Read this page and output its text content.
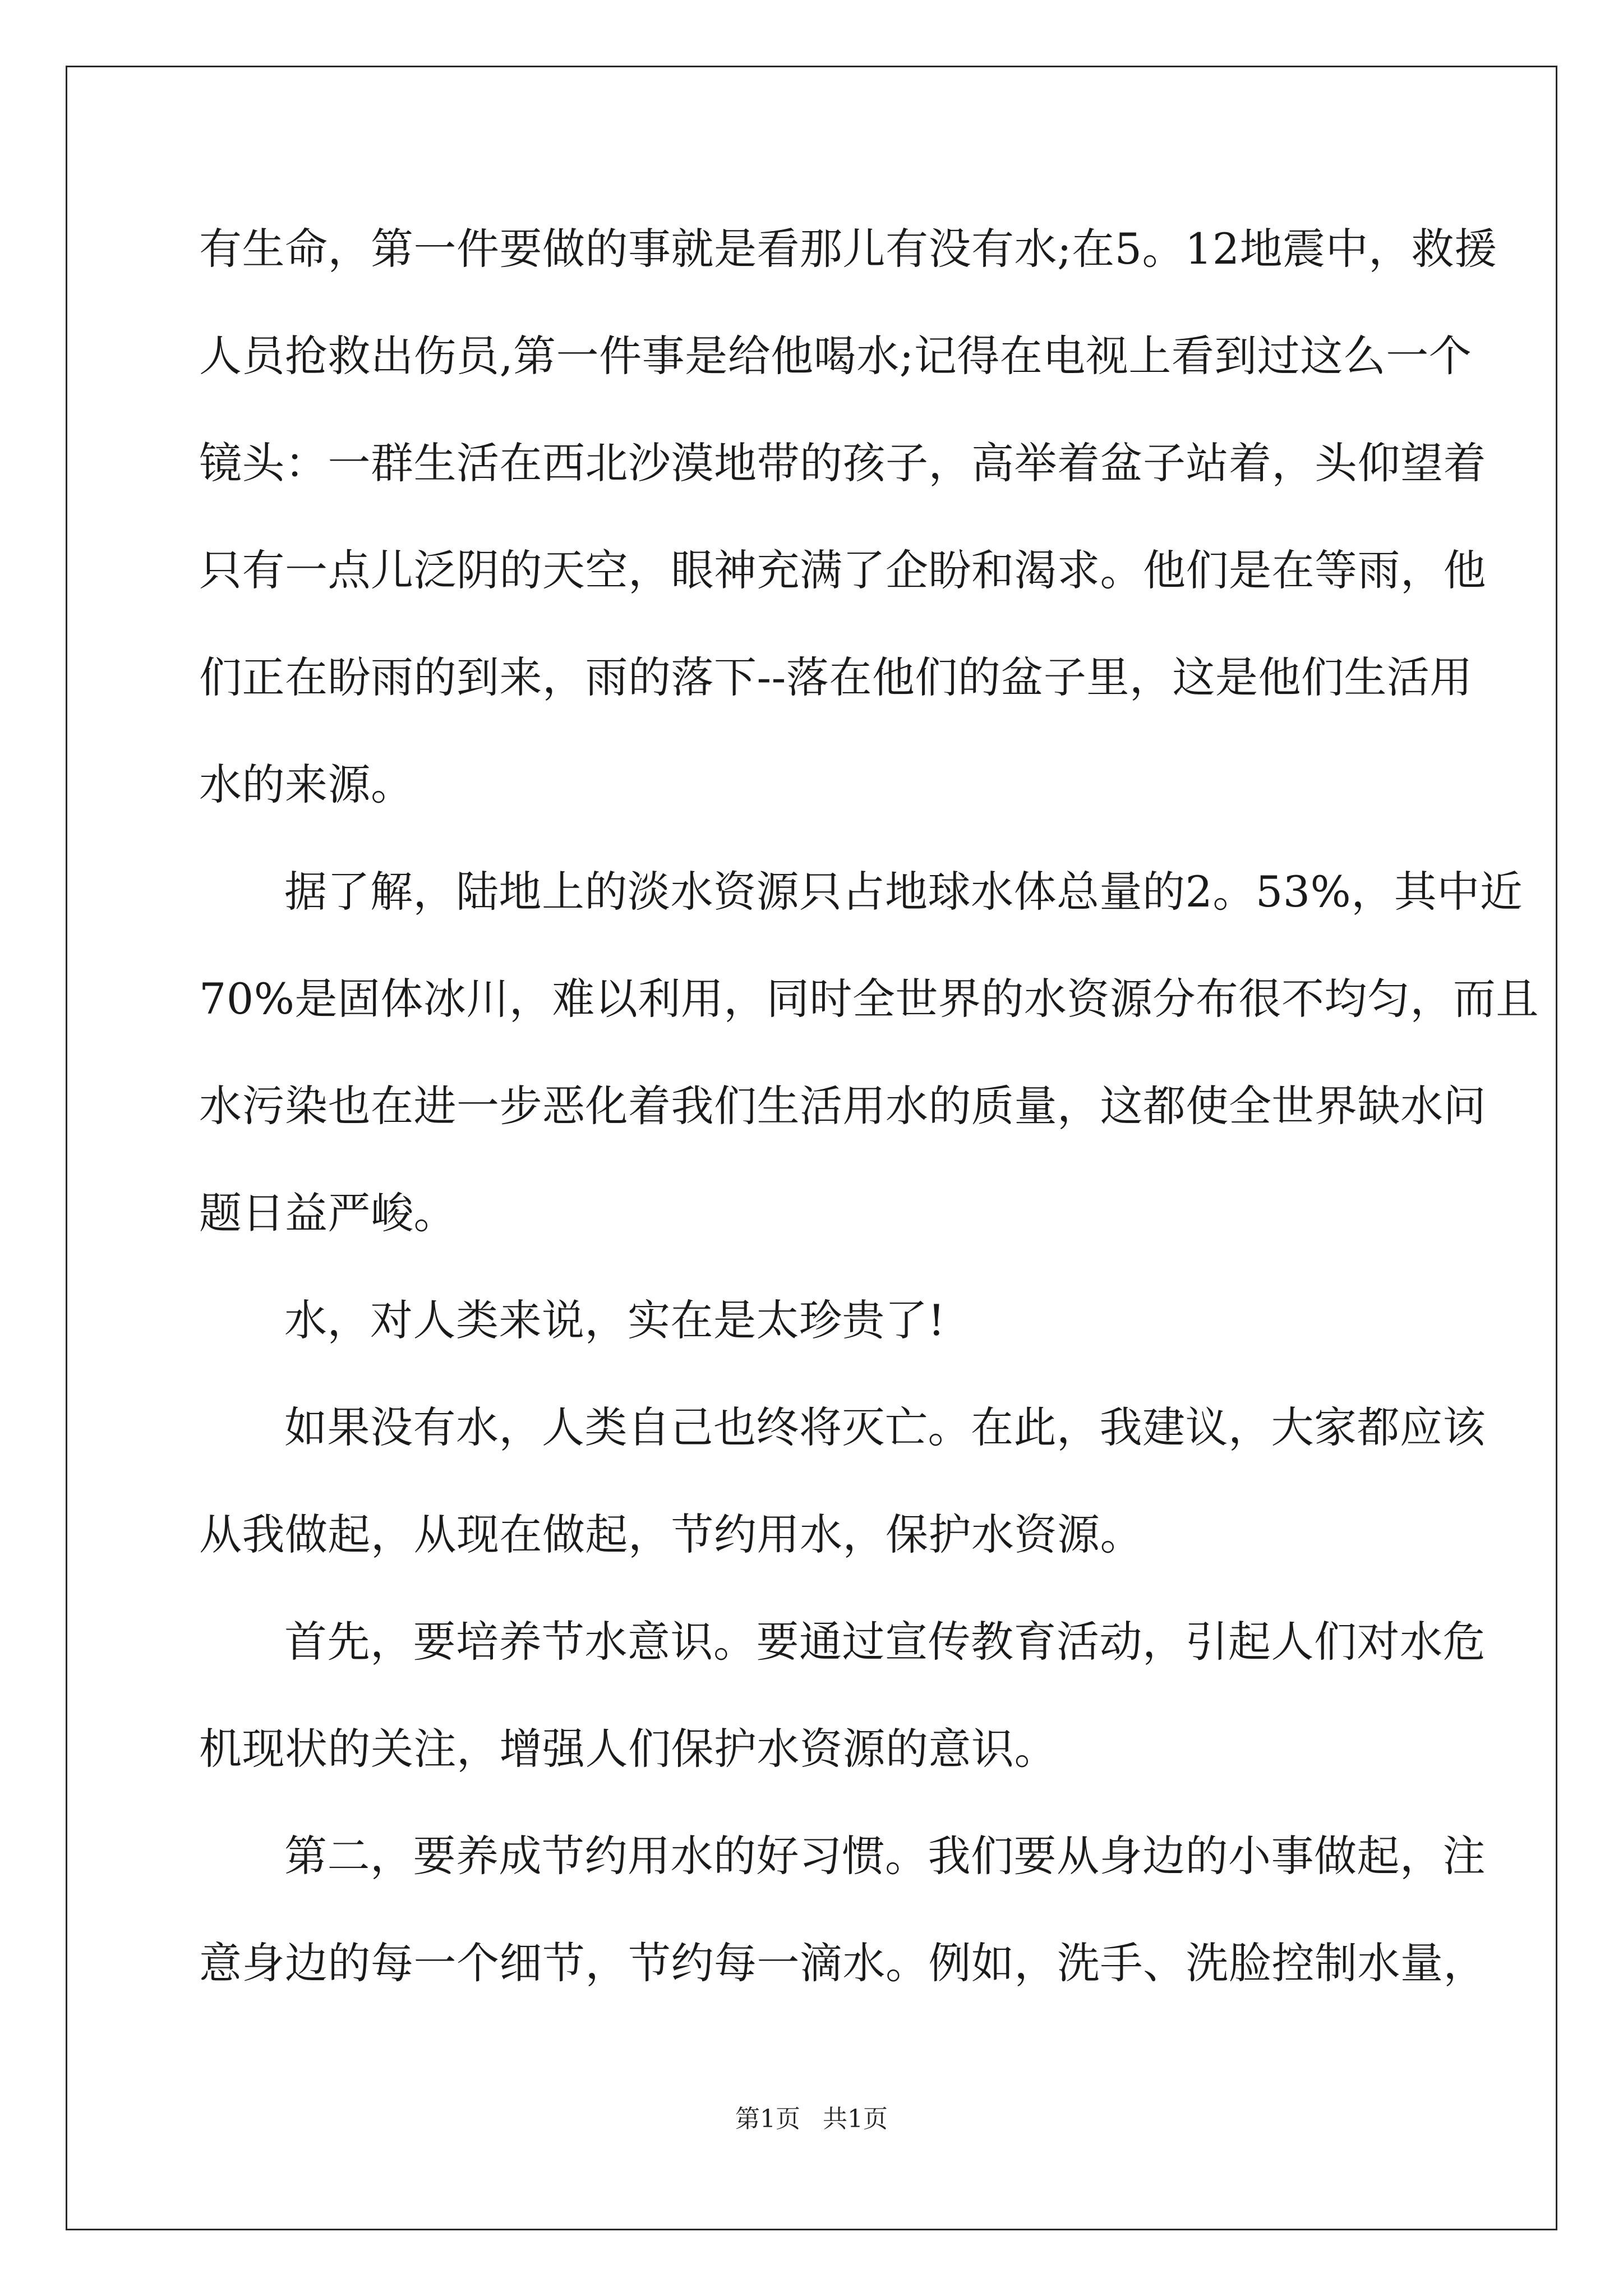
有生命，第一件要做的事就是看那儿有没有水;在5。12地震中，救援
人员抢救出伤员,第一件事是给他喝水;记得在电视上看到过这么一个
镜头：一群生活在西北沙漠地带的孩子，高举着盆子站着，头仰望着
只有一点儿泛阴的天空，眼神充满了企盼和渴求。他们是在等雨，他
们正在盼雨的到来，雨的落下--落在他们的盆子里，这是他们生活用
水的来源。
据了解，陆地上的淡水资源只占地球水体总量的2。53%，其中近
70%是固体冰川，难以利用，同时全世界的水资源分布很不均匀，而且
水污染也在进一步恶化着我们生活用水的质量，这都使全世界缺水问
题日益严峻。
水，对人类来说，实在是太珍贵了!
如果没有水，人类自己也终将灭亡。在此，我建议，大家都应该
从我做起，从现在做起，节约用水，保护水资源。
首先，要培养节水意识。要通过宣传教育活动，引起人们对水危
机现状的关注，增强人们保护水资源的意识。
第二，要养成节约用水的好习惯。我们要从身边的小事做起，注
意身边的每一个细节，节约每一滴水。例如，洗手、洗脸控制水量，
第1页 共1页
